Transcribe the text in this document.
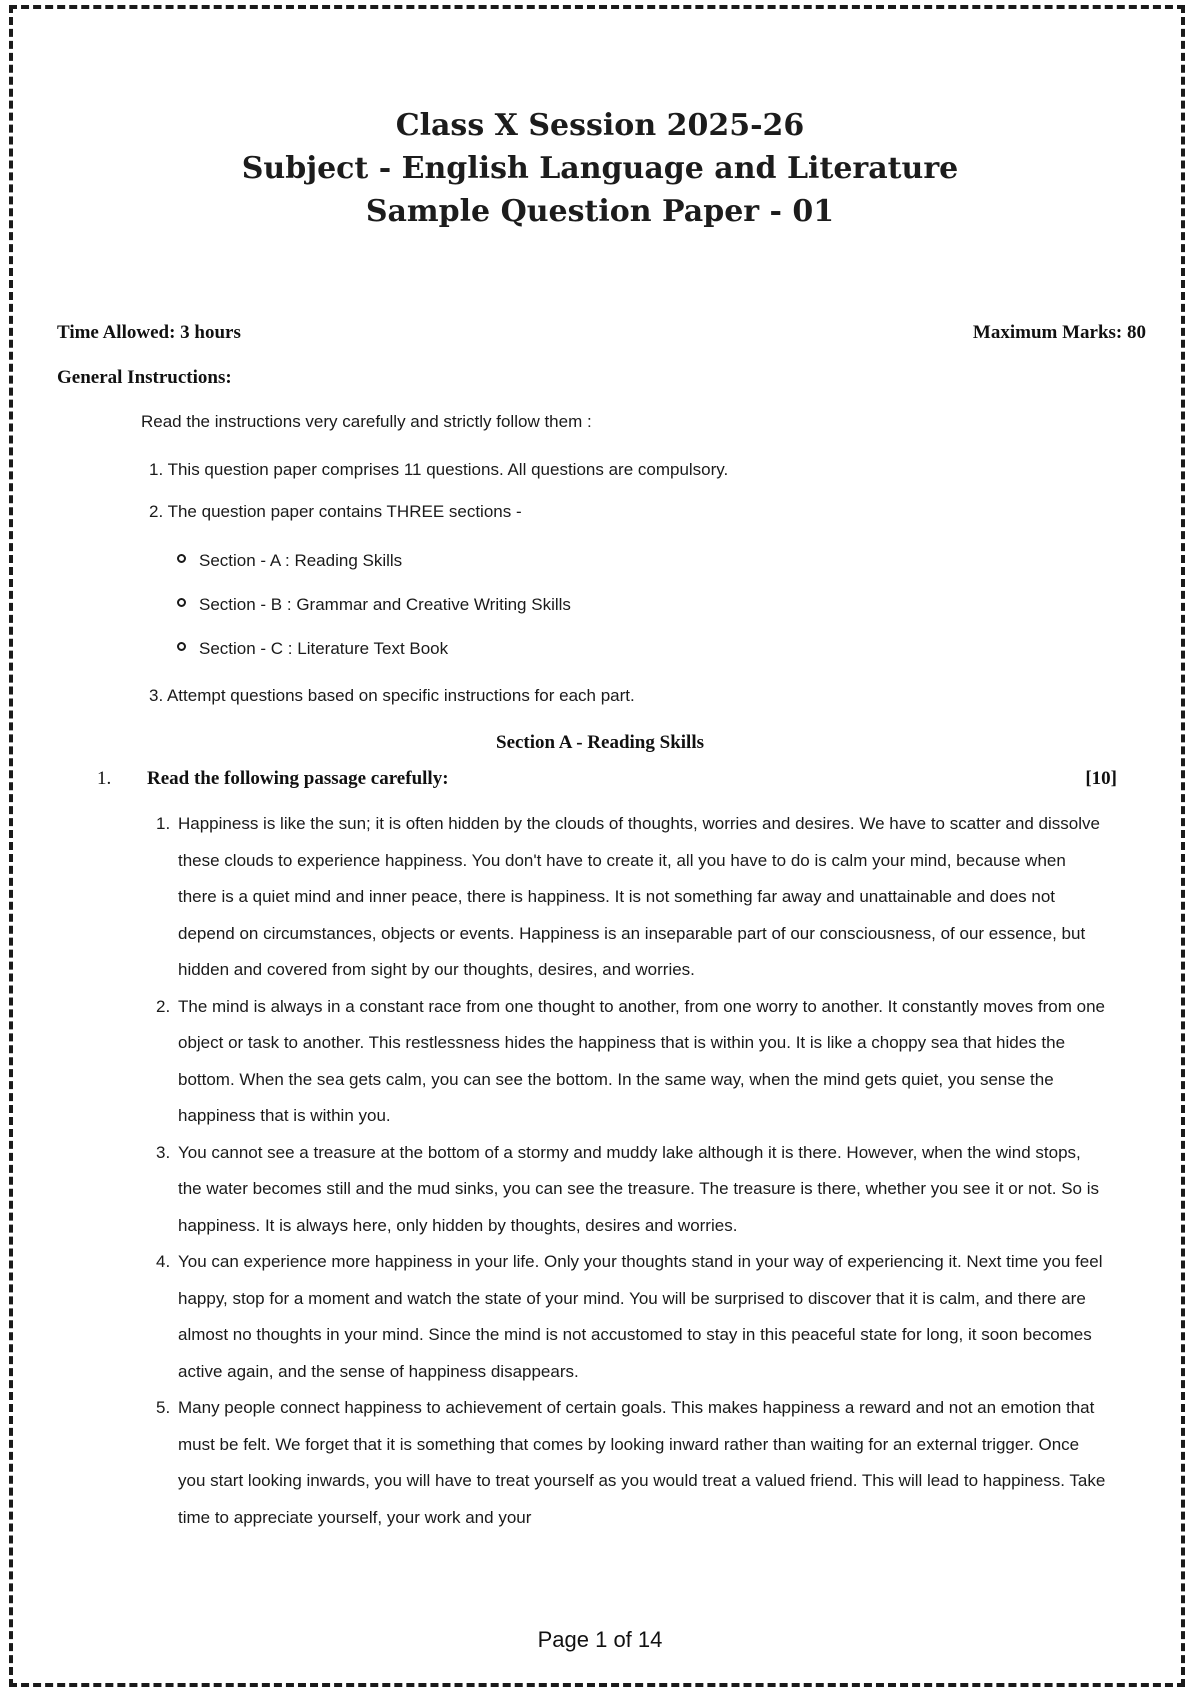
Class X Session 2025-26
Subject - English Language and Literature
Sample Question Paper - 01
Time Allowed: 3 hours	Maximum Marks: 80
General Instructions:
Read the instructions very carefully and strictly follow them :
1. This question paper comprises 11 questions. All questions are compulsory.
2. The question paper contains THREE sections -
Section - A : Reading Skills
Section - B : Grammar and Creative Writing Skills
Section - C : Literature Text Book
3. Attempt questions based on specific instructions for each part.
Section A - Reading Skills
1. Read the following passage carefully:	[10]
1. Happiness is like the sun; it is often hidden by the clouds of thoughts, worries and desires. We have to scatter and dissolve these clouds to experience happiness. You don't have to create it, all you have to do is calm your mind, because when there is a quiet mind and inner peace, there is happiness. It is not something far away and unattainable and does not depend on circumstances, objects or events. Happiness is an inseparable part of our consciousness, of our essence, but hidden and covered from sight by our thoughts, desires, and worries.
2. The mind is always in a constant race from one thought to another, from one worry to another. It constantly moves from one object or task to another. This restlessness hides the happiness that is within you. It is like a choppy sea that hides the bottom. When the sea gets calm, you can see the bottom. In the same way, when the mind gets quiet, you sense the happiness that is within you.
3. You cannot see a treasure at the bottom of a stormy and muddy lake although it is there. However, when the wind stops, the water becomes still and the mud sinks, you can see the treasure. The treasure is there, whether you see it or not. So is happiness. It is always here, only hidden by thoughts, desires and worries.
4. You can experience more happiness in your life. Only your thoughts stand in your way of experiencing it. Next time you feel happy, stop for a moment and watch the state of your mind. You will be surprised to discover that it is calm, and there are almost no thoughts in your mind. Since the mind is not accustomed to stay in this peaceful state for long, it soon becomes active again, and the sense of happiness disappears.
5. Many people connect happiness to achievement of certain goals. This makes happiness a reward and not an emotion that must be felt. We forget that it is something that comes by looking inward rather than waiting for an external trigger. Once you start looking inwards, you will have to treat yourself as you would treat a valued friend. This will lead to happiness. Take time to appreciate yourself, your work and your
Page 1 of 14
